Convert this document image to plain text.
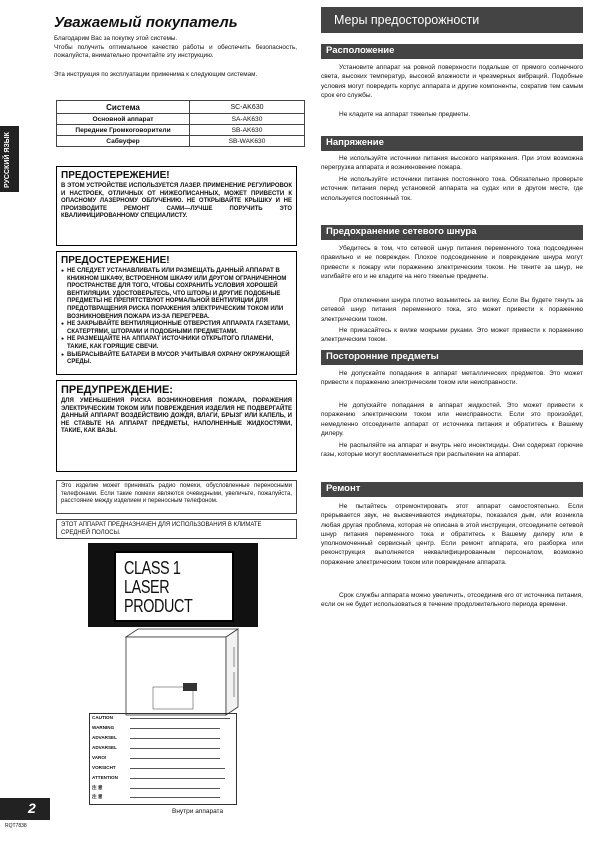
Уважаемый покупатель
Благодарим Вас за покупку этой системы.
Чтобы получить оптимальное качество работы и обеспечить безопасность, пожалуйста, внимательно прочитайте эту инструкцию.
Эта инструкция по эксплуатации применима к следующим системам.
РУССКИЙ ЯЗЫК
Система	SC-AK630
Основной аппарат	SA-AK630
Передние Громкоговорители	SB-AK630
Сабвуфер	SB-WAK630
ПРЕДОСТЕРЕЖЕНИЕ!
В ЭТОМ УСТРОЙСТВЕ ИСПОЛЬЗУЕТСЯ ЛАЗЕР. ПРИМЕНЕНИЕ РЕГУЛИРОВОК И НАСТРОЕК, ОТЛИЧНЫХ ОТ НИЖЕОПИСАННЫХ, МОЖЕТ ПРИВЕСТИ К ОПАСНОМУ ЛАЗЕРНОМУ ОБЛУЧЕНИЮ. НЕ ОТКРЫВАЙТЕ КРЫШКУ И НЕ ПРОИЗВОДИТЕ РЕМОНТ САМИ—ЛУЧШЕ ПОРУЧИТЬ ЭТО КВАЛИФИЦИРОВАННОМУ СПЕЦИАЛИСТУ.
ПРЕДОСТЕРЕЖЕНИЕ!
● НЕ СЛЕДУЕТ УСТАНАВЛИВАТЬ ИЛИ РАЗМЕЩАТЬ ДАННЫЙ АППАРАТ В КНИЖНОМ ШКАФУ, ВСТРОЕННОМ ШКАФУ ИЛИ ДРУГОМ ОГРАНИЧЕННОМ ПРОСТРАНСТВЕ ДЛЯ ТОГО, ЧТОБЫ СОХРАНИТЬ УСЛОВИЯ ХОРОШЕЙ ВЕНТИЛЯЦИИ. УДОСТОВЕРЬТЕСЬ, ЧТО ШТОРЫ И ДРУГИЕ ПОДОБНЫЕ ПРЕДМЕТЫ НЕ ПРЕПЯТСТВУЮТ НОРМАЛЬНОЙ ВЕНТИЛЯЦИИ ДЛЯ ПРЕДОТВРАЩЕНИЯ РИСКА ПОРАЖЕНИЯ ЭЛЕКТРИЧЕСКИМ ТОКОМ ИЛИ ВОЗНИКНОВЕНИЯ ПОЖАРА ИЗ-ЗА ПЕРЕГРЕВА.
● НЕ ЗАКРЫВАЙТЕ ВЕНТИЛЯЦИОННЫЕ ОТВЕРСТИЯ АППАРАТА ГАЗЕТАМИ, СКАТЕРТЯМИ, ШТОРАМИ И ПОДОБНЫМИ ПРЕДМЕТАМИ.
● НЕ РАЗМЕЩАЙТЕ НА АППАРАТ ИСТОЧНИКИ ОТКРЫТОГО ПЛАМЕНИ, ТАКИЕ, КАК ГОРЯЩИЕ СВЕЧИ.
● ВЫБРАСЫВАЙТЕ БАТАРЕИ В МУСОР. УЧИТЫВАЯ ОХРАНУ ОКРУЖАЮЩЕЙ СРЕДЫ.
ПРЕДУПРЕЖДЕНИЕ:
ДЛЯ УМЕНЬШЕНИЯ РИСКА ВОЗНИКНОВЕНИЯ ПОЖАРА, ПОРАЖЕНИЯ ЭЛЕКТРИЧЕСКИМ ТОКОМ ИЛИ ПОВРЕЖДЕНИЯ ИЗДЕЛИЯ НЕ ПОДВЕРГАЙТЕ ДАННЫЙ АППАРАТ ВОЗДЕЙСТВИЮ ДОЖДЯ, ВЛАГИ, БРЫЗГ ИЛИ КАПЕЛЬ, И НЕ СТАВЬТЕ НА АППАРАТ ПРЕДМЕТЫ, НАПОЛНЕННЫЕ ЖИДКОСТЯМИ, ТАКИЕ, КАК ВАЗЫ.
Это изделие может принимать радио помехи, обусловленные переносными телефонами. Если такие помехи являются очевидными, увеличьте, пожалуйста, расстояние между изделием и переносным телефоном.
ЭТОТ АППАРАТ ПРЕДНАЗНАЧЕН ДЛЯ ИСПОЛЬЗОВАНИЯ В КЛИМАТЕ СРЕДНЕЙ ПОЛОСЫ.
CLASS 1
LASER PRODUCT
CAUTION
WARNING
ADVARSEL
ADVARSEL
VARO!
VORSICHT
ATTENTION
注 意
注 意
Внутри аппарата
2
RQT7838
Меры предосторожности
Расположение
Установите аппарат на ровной поверхности подальше от прямого солнечного света, высоких температур, высокой влажности и чрезмерных вибраций. Подобные условия могут повредить корпус аппарата и другие компоненты, сократив тем самым срок его службы.
Не кладите на аппарат тяжелые предметы.
Напряжение
Не используйте источники питания высокого напряжения. При этом возможна перегрузка аппарата и возникновение пожара.
Не используйте источники питания постоянного тока. Обязательно проверьте источник питания перед установкой аппарата на судах или в другом месте, где используется постоянный ток.
Предохранение сетевого шнура
Убедитесь в том, что сетевой шнур питания переменного тока подсоединен правильно и не поврежден. Плохое подсоединение и повреждение шнура могут привести к пожару или поражению электрическим током. Не тяните за шнур, не изгибайте его и не кладите на него тяжелые предметы.
При отключении шнура плотно возьмитесь за вилку. Если Вы будете тянуть за сетевой шнур питания переменного тока, это может привести к поражению электрическим током.
Не прикасайтесь к вилке мокрыми руками. Это может привести к поражению электрическим током.
Посторонние предметы
Не допускайте попадания в аппарат металлических предметов. Это может привести к поражению электрическим током или неисправности.
Не допускайте попадания в аппарат жидкостей. Это может привести к поражению электрическим током или неисправности. Если это произойдет, немедленно отсоедините аппарат от источника питания и обратитесь к Вашему дилеру.
Не распыляйте на аппарат и внутрь него инсектициды. Они содержат горючие газы, которые могут воспламениться при распылении на аппарат.
Ремонт
Не пытайтесь отремонтировать этот аппарат самостоятельно. Если прерывается звук, не высвечиваются индикаторы, показался дым, или возникла любая другая проблема, которая не описана в этой инструкции, отсоедините сетевой шнур питания переменного тока и обратитесь к Вашему дилеру или в уполномоченный сервисный центр. Если ремонт аппарата, его разборка или реконструкция выполняется неквалифицированным персоналом, возможно поражение электрическим током или повреждение аппарата.
Срок службы аппарата можно увеличить, отсоединив его от источника питания, если он не будет использоваться в течение продолжительного периода времени.
